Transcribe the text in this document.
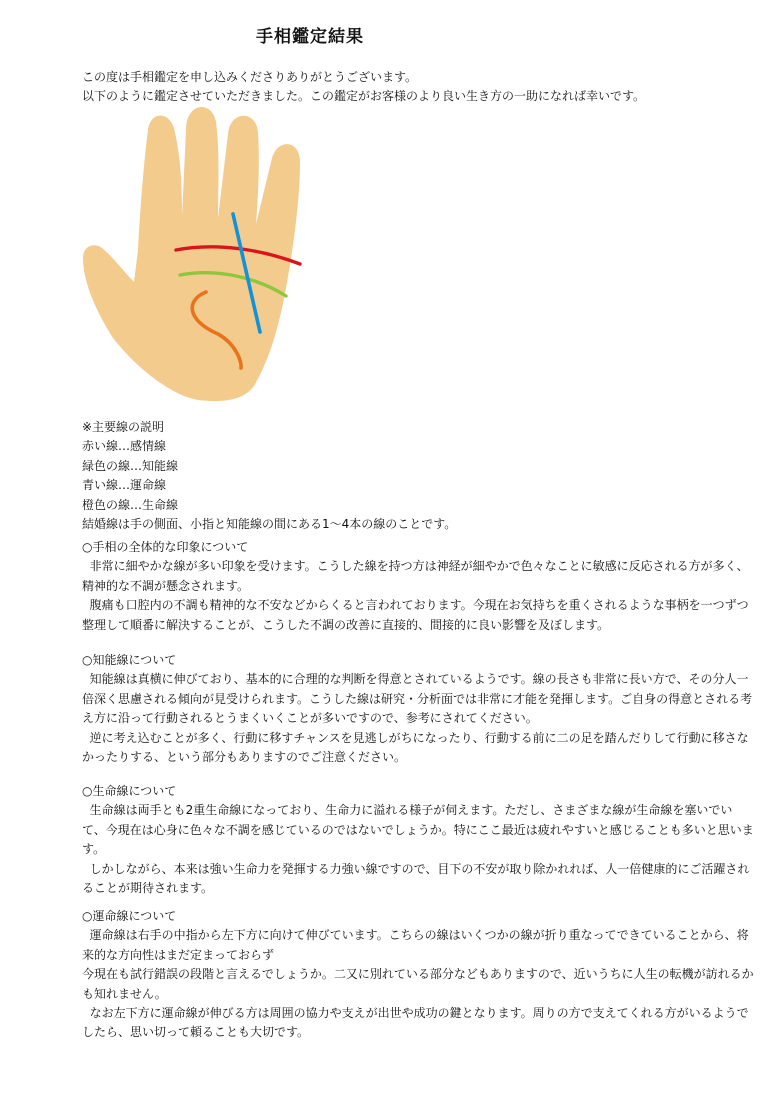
手相鑑定結果

この度は手相鑑定を申し込みくださりありがとうございます。

以下のように鑑定させていただきました。この鑑定がお客様のより良い生き方の一助になれば幸いです。

※主要線の説明

赤い線…感情線

緑色の線…知能線

青い線…運命線

橙色の線…生命線

結婚線は手の側面、小指と知能線の間にある1～4本の線のことです。

○手相の全体的な印象について

非常に細やかな線が多い印象を受けます。こうした線を持つ方は神経が細やかで色々なことに敏感に反応される方が多く、精神的な不調が懸念されます。

腹痛も口腔内の不調も精神的な不安などからくると言われております。今現在お気持ちを重くされるような事柄を一つずつ整理して順番に解決することが、こうした不調の改善に直接的、間接的に良い影響を及ぼします。

○知能線について

知能線は真横に伸びており、基本的に合理的な判断を得意とされているようです。線の長さも非常に長い方で、その分人一倍深く思慮される傾向が見受けられます。こうした線は研究・分析面では非常に才能を発揮します。ご自身の得意とされる考え方に沿って行動されるとうまくいくことが多いですので、参考にされてください。

逆に考え込むことが多く、行動に移すチャンスを見逃しがちになったり、行動する前に二の足を踏んだりして行動に移さなかったりする、という部分もありますのでご注意ください。

○生命線について

生命線は両手とも2重生命線になっており、生命力に溢れる様子が伺えます。ただし、さまざまな線が生命線を塞いでいて、今現在は心身に色々な不調を感じているのではないでしょうか。特にここ最近は疲れやすいと感じることも多いと思います。

しかしながら、本来は強い生命力を発揮する力強い線ですので、目下の不安が取り除かれれば、人一倍健康的にご活躍されることが期待されます。

○運命線について

運命線は右手の中指から左下方に向けて伸びています。こちらの線はいくつかの線が折り重なってできていることから、将来的な方向性はまだ定まっておらず

今現在も試行錯誤の段階と言えるでしょうか。二又に別れている部分などもありますので、近いうちに人生の転機が訪れるかも知れません。

なお左下方に運命線が伸びる方は周囲の協力や支えが出世や成功の鍵となります。周りの方で支えてくれる方がいるようでしたら、思い切って頼ることも大切です。
